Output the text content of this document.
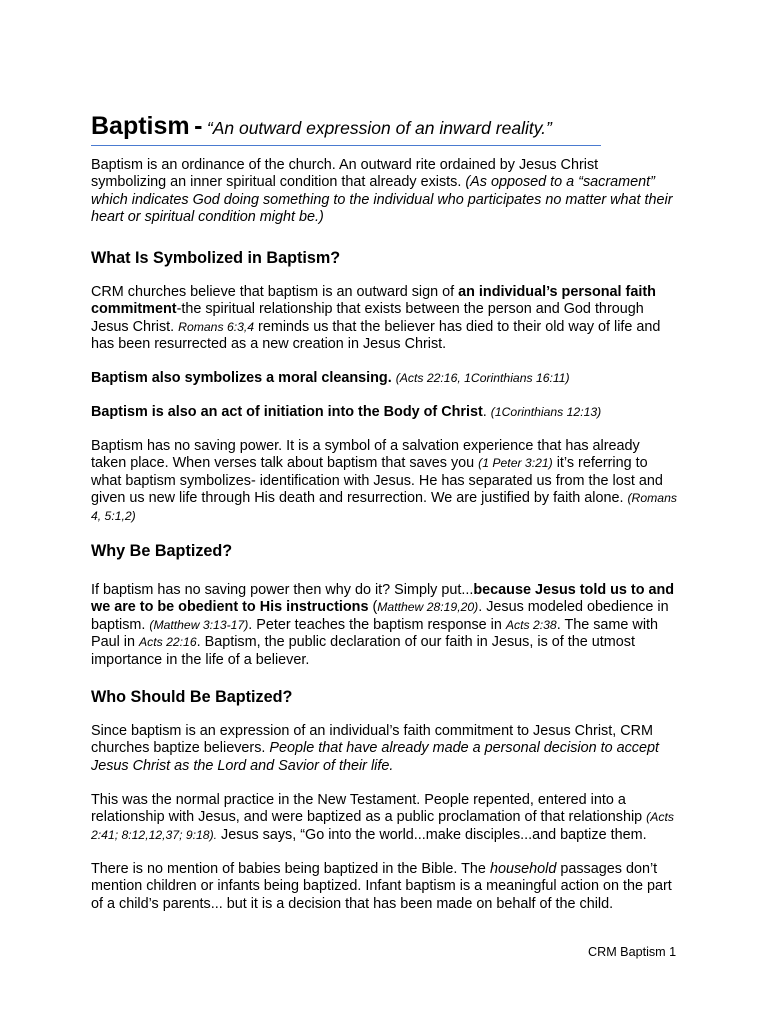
Baptism - “An outward expression of an inward reality.”
Baptism is an ordinance of the church. An outward rite ordained by Jesus Christ
symbolizing an inner spiritual condition that already exists. (As opposed to a “sacrament”
which indicates God doing something to the individual who participates no matter what their
heart or spiritual condition might be.)
What Is Symbolized in Baptism?
CRM churches believe that baptism is an outward sign of an individual’s personal faith
commitment-the spiritual relationship that exists between the person and God through
Jesus Christ. Romans 6:3,4 reminds us that the believer has died to their old way of life and
has been resurrected as a new creation in Jesus Christ.
Baptism also symbolizes a moral cleansing. (Acts 22:16, 1Corinthians 16:11)
Baptism is also an act of initiation into the Body of Christ. (1Corinthians 12:13)
Baptism has no saving power. It is a symbol of a salvation experience that has already
taken place. When verses talk about baptism that saves you (1 Peter 3:21) it’s referring to
what baptism symbolizes- identification with Jesus. He has separated us from the lost and
given us new life through His death and resurrection. We are justified by faith alone. (Romans
4, 5:1,2)
Why Be Baptized?
If baptism has no saving power then why do it? Simply put...because Jesus told us to and
we are to be obedient to His instructions (Matthew 28:19,20). Jesus modeled obedience in
baptism. (Matthew 3:13-17). Peter teaches the baptism response in Acts 2:38. The same with
Paul in Acts 22:16. Baptism, the public declaration of our faith in Jesus, is of the utmost
importance in the life of a believer.
Who Should Be Baptized?
Since baptism is an expression of an individual’s faith commitment to Jesus Christ, CRM
churches baptize believers. People that have already made a personal decision to accept
Jesus Christ as the Lord and Savior of their life.
This was the normal practice in the New Testament. People repented, entered into a
relationship with Jesus, and were baptized as a public proclamation of that relationship (Acts
2:41; 8:12,12,37; 9:18). Jesus says, “Go into the world...make disciples...and baptize them.
There is no mention of babies being baptized in the Bible. The household passages don’t
mention children or infants being baptized. Infant baptism is a meaningful action on the part
of a child’s parents... but it is a decision that has been made on behalf of the child.
CRM Baptism 1
